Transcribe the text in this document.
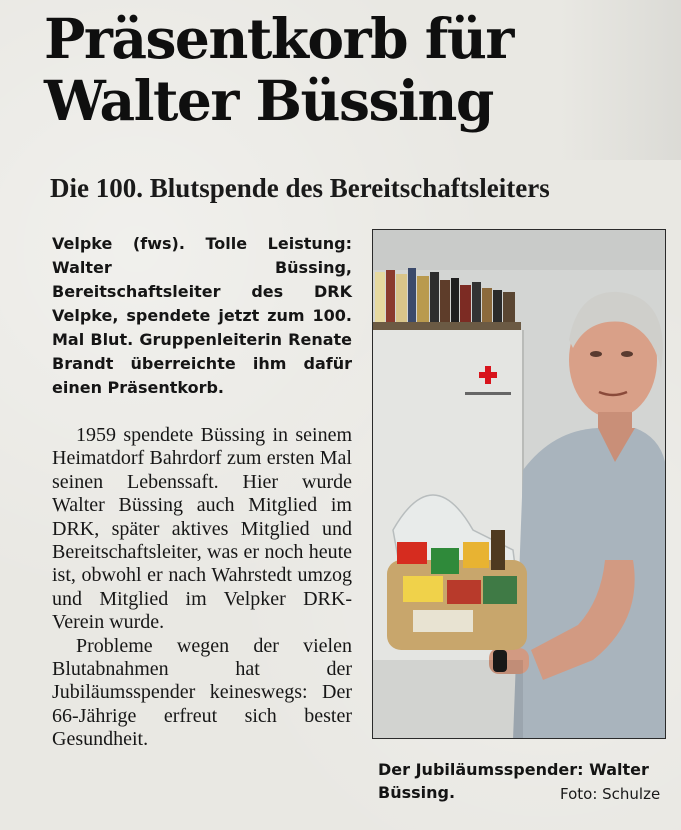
Präsentkorb für
Walter Büssing
Die 100. Blutspende des Bereitschaftsleiters

Velpke (fws). Tolle Leistung: Walter Büssing, Bereitschaftsleiter des DRK Velpke, spendete jetzt zum 100. Mal Blut. Gruppenleiterin Renate Brandt überreichte ihm dafür einen Präsentkorb.

1959 spendete Büssing in seinem Heimatdorf Bahrdorf zum ersten Mal seinen Lebenssaft. Hier wurde Walter Büssing auch Mitglied im DRK, später aktives Mitglied und Bereitschaftsleiter, was er noch heute ist, obwohl er nach Wahrstedt umzog und Mitglied im Velpker DRK-Verein wurde.

Probleme wegen der vielen Blutabnahmen hat der Jubiläumsspender keineswegs: Der 66-Jährige erfreut sich bester Gesundheit.

Der Jubiläumsspender: Walter Büssing.	Foto: Schulze
